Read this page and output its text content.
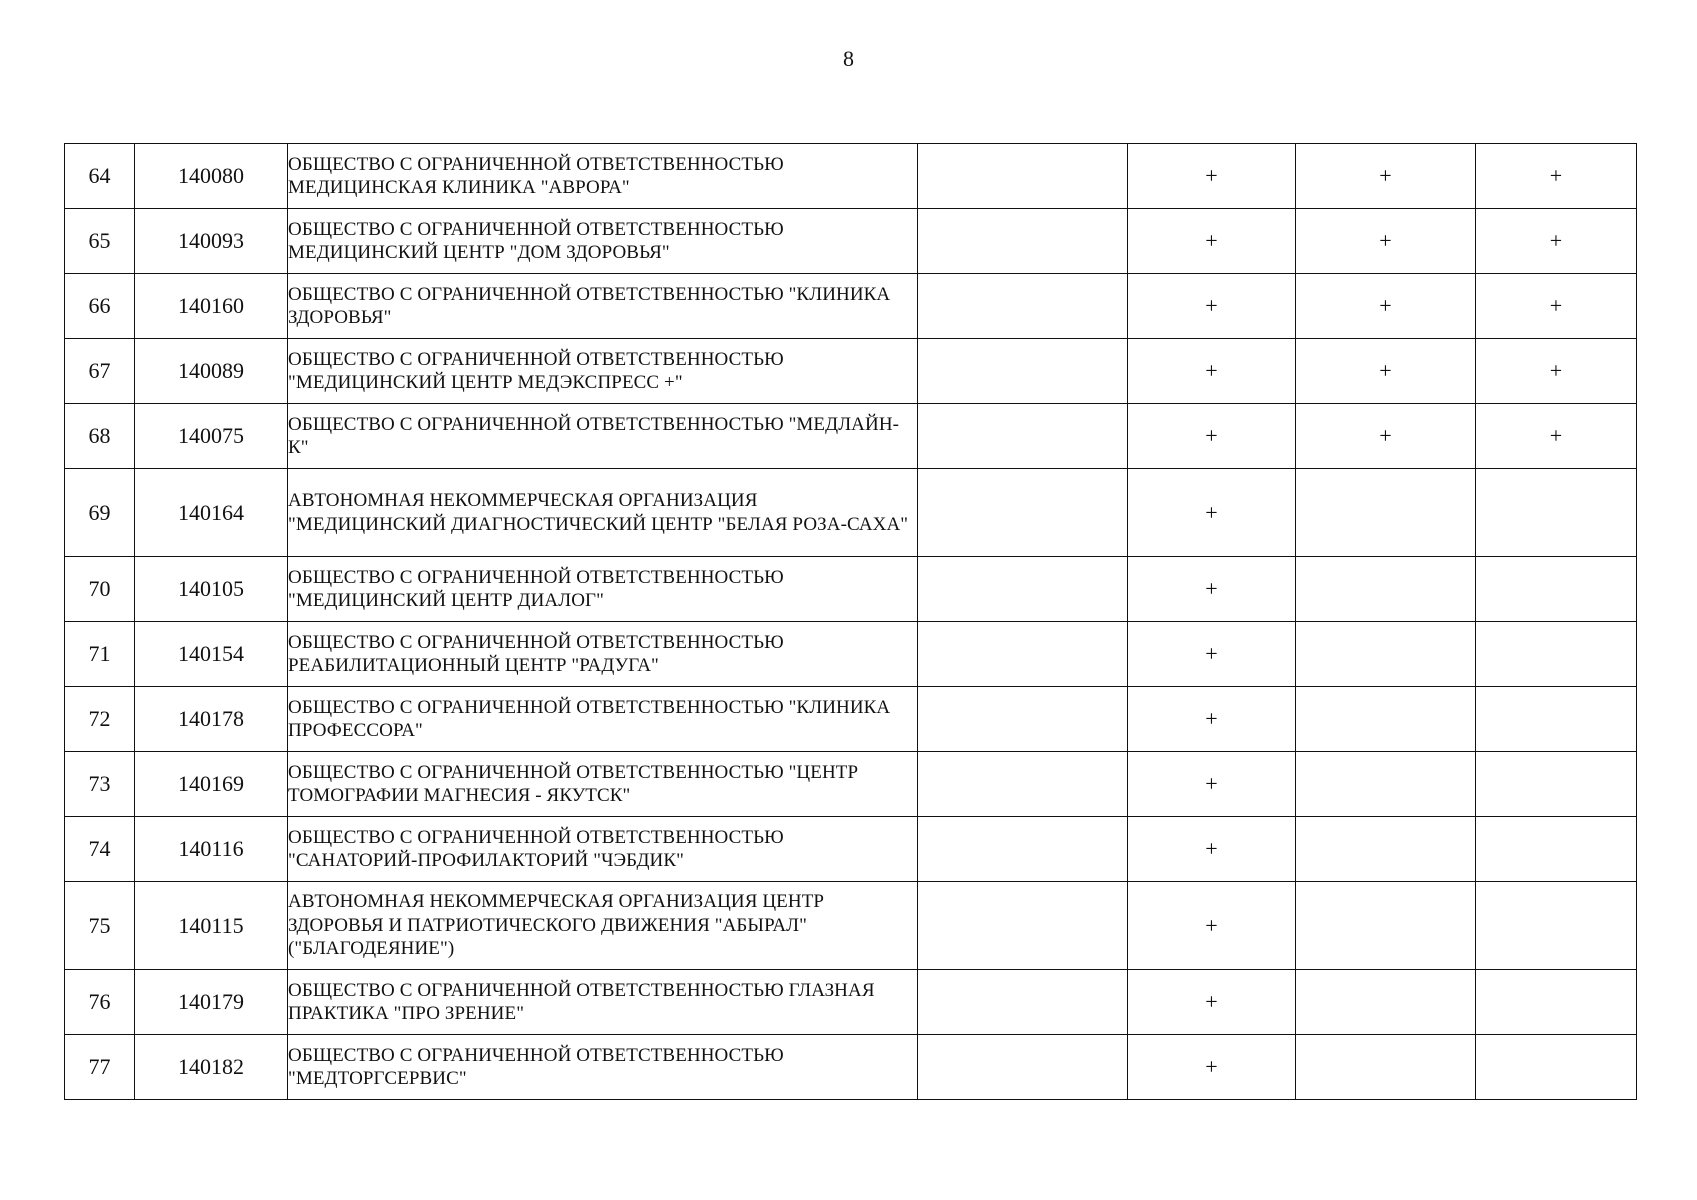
8
64	140080	ОБЩЕСТВО С ОГРАНИЧЕННОЙ ОТВЕТСТВЕННОСТЬЮ МЕДИЦИНСКАЯ КЛИНИКА "АВРОРА"		+	+	+
65	140093	ОБЩЕСТВО С ОГРАНИЧЕННОЙ ОТВЕТСТВЕННОСТЬЮ МЕДИЦИНСКИЙ ЦЕНТР "ДОМ ЗДОРОВЬЯ"		+	+	+
66	140160	ОБЩЕСТВО С ОГРАНИЧЕННОЙ ОТВЕТСТВЕННОСТЬЮ "КЛИНИКА ЗДОРОВЬЯ"		+	+	+
67	140089	ОБЩЕСТВО С ОГРАНИЧЕННОЙ ОТВЕТСТВЕННОСТЬЮ "МЕДИЦИНСКИЙ ЦЕНТР МЕДЭКСПРЕСС +"		+	+	+
68	140075	ОБЩЕСТВО С ОГРАНИЧЕННОЙ ОТВЕТСТВЕННОСТЬЮ "МЕДЛАЙН-К"		+	+	+
69	140164	АВТОНОМНАЯ НЕКОММЕРЧЕСКАЯ ОРГАНИЗАЦИЯ "МЕДИЦИНСКИЙ ДИАГНОСТИЧЕСКИЙ ЦЕНТР "БЕЛАЯ РОЗА-САХА"		+		
70	140105	ОБЩЕСТВО С ОГРАНИЧЕННОЙ ОТВЕТСТВЕННОСТЬЮ "МЕДИЦИНСКИЙ ЦЕНТР ДИАЛОГ"		+		
71	140154	ОБЩЕСТВО С ОГРАНИЧЕННОЙ ОТВЕТСТВЕННОСТЬЮ РЕАБИЛИТАЦИОННЫЙ ЦЕНТР "РАДУГА"		+		
72	140178	ОБЩЕСТВО С ОГРАНИЧЕННОЙ ОТВЕТСТВЕННОСТЬЮ "КЛИНИКА ПРОФЕССОРА"		+		
73	140169	ОБЩЕСТВО С ОГРАНИЧЕННОЙ ОТВЕТСТВЕННОСТЬЮ "ЦЕНТР ТОМОГРАФИИ МАГНЕСИЯ - ЯКУТСК"		+		
74	140116	ОБЩЕСТВО С ОГРАНИЧЕННОЙ ОТВЕТСТВЕННОСТЬЮ "САНАТОРИЙ-ПРОФИЛАКТОРИЙ "ЧЭБДИК"		+		
75	140115	АВТОНОМНАЯ НЕКОММЕРЧЕСКАЯ ОРГАНИЗАЦИЯ ЦЕНТР ЗДОРОВЬЯ И ПАТРИОТИЧЕСКОГО ДВИЖЕНИЯ "АБЫРАЛ" ("БЛАГОДЕЯНИЕ")		+		
76	140179	ОБЩЕСТВО С ОГРАНИЧЕННОЙ ОТВЕТСТВЕННОСТЬЮ ГЛАЗНАЯ ПРАКТИКА "ПРО ЗРЕНИЕ"		+		
77	140182	ОБЩЕСТВО С ОГРАНИЧЕННОЙ ОТВЕТСТВЕННОСТЬЮ "МЕДТОРГСЕРВИС"		+		
